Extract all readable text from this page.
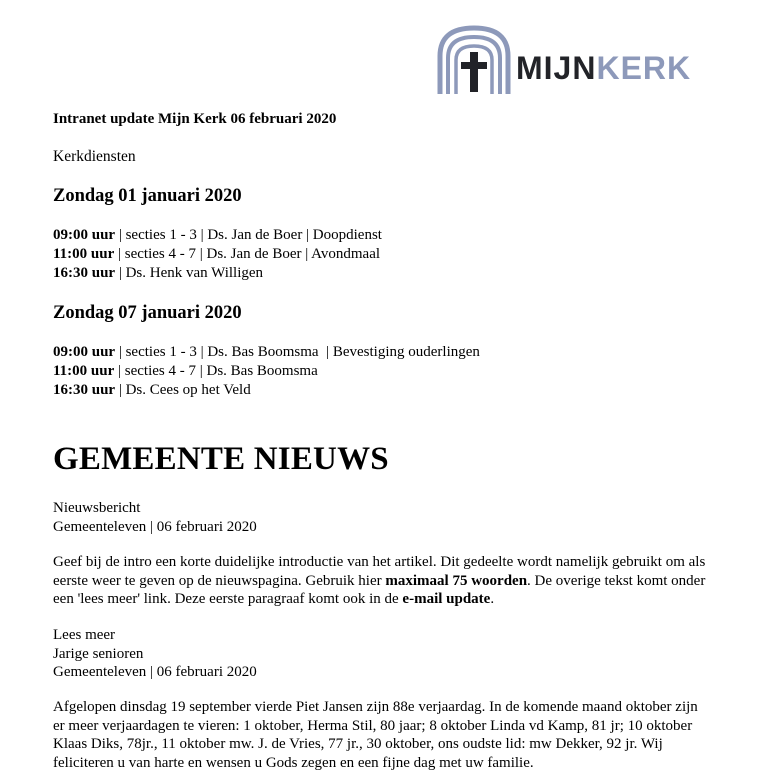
MIJNKERK
Intranet update Mijn Kerk 06 februari 2020
Kerkdiensten
Zondag 01 januari 2020
09:00 uur | secties 1 - 3 | Ds. Jan de Boer | Doopdienst
11:00 uur | secties 4 - 7 | Ds. Jan de Boer | Avondmaal
16:30 uur | Ds. Henk van Willigen
Zondag 07 januari 2020
09:00 uur | secties 1 - 3 | Ds. Bas Boomsma  | Bevestiging ouderlingen
11:00 uur | secties 4 - 7 | Ds. Bas Boomsma
16:30 uur | Ds. Cees op het Veld
GEMEENTE NIEUWS
Nieuwsbericht
Gemeenteleven | 06 februari 2020
Geef bij de intro een korte duidelijke introductie van het artikel. Dit gedeelte wordt namelijk gebruikt om als eerste weer te geven op de nieuwspagina. Gebruik hier maximaal 75 woorden. De overige tekst komt onder een 'lees meer' link. Deze eerste paragraaf komt ook in de e-mail update.
Lees meer
Jarige senioren
Gemeenteleven | 06 februari 2020
Afgelopen dinsdag 19 september vierde Piet Jansen zijn 88e verjaardag. In de komende maand oktober zijn er meer verjaardagen te vieren: 1 oktober, Herma Stil, 80 jaar; 8 oktober Linda vd Kamp, 81 jr; 10 oktober Klaas Diks, 78jr., 11 oktober mw. J. de Vries, 77 jr., 30 oktober, ons oudste lid: mw Dekker, 92 jr. Wij feliciteren u van harte en wensen u Gods zegen en een fijne dag met uw familie.
